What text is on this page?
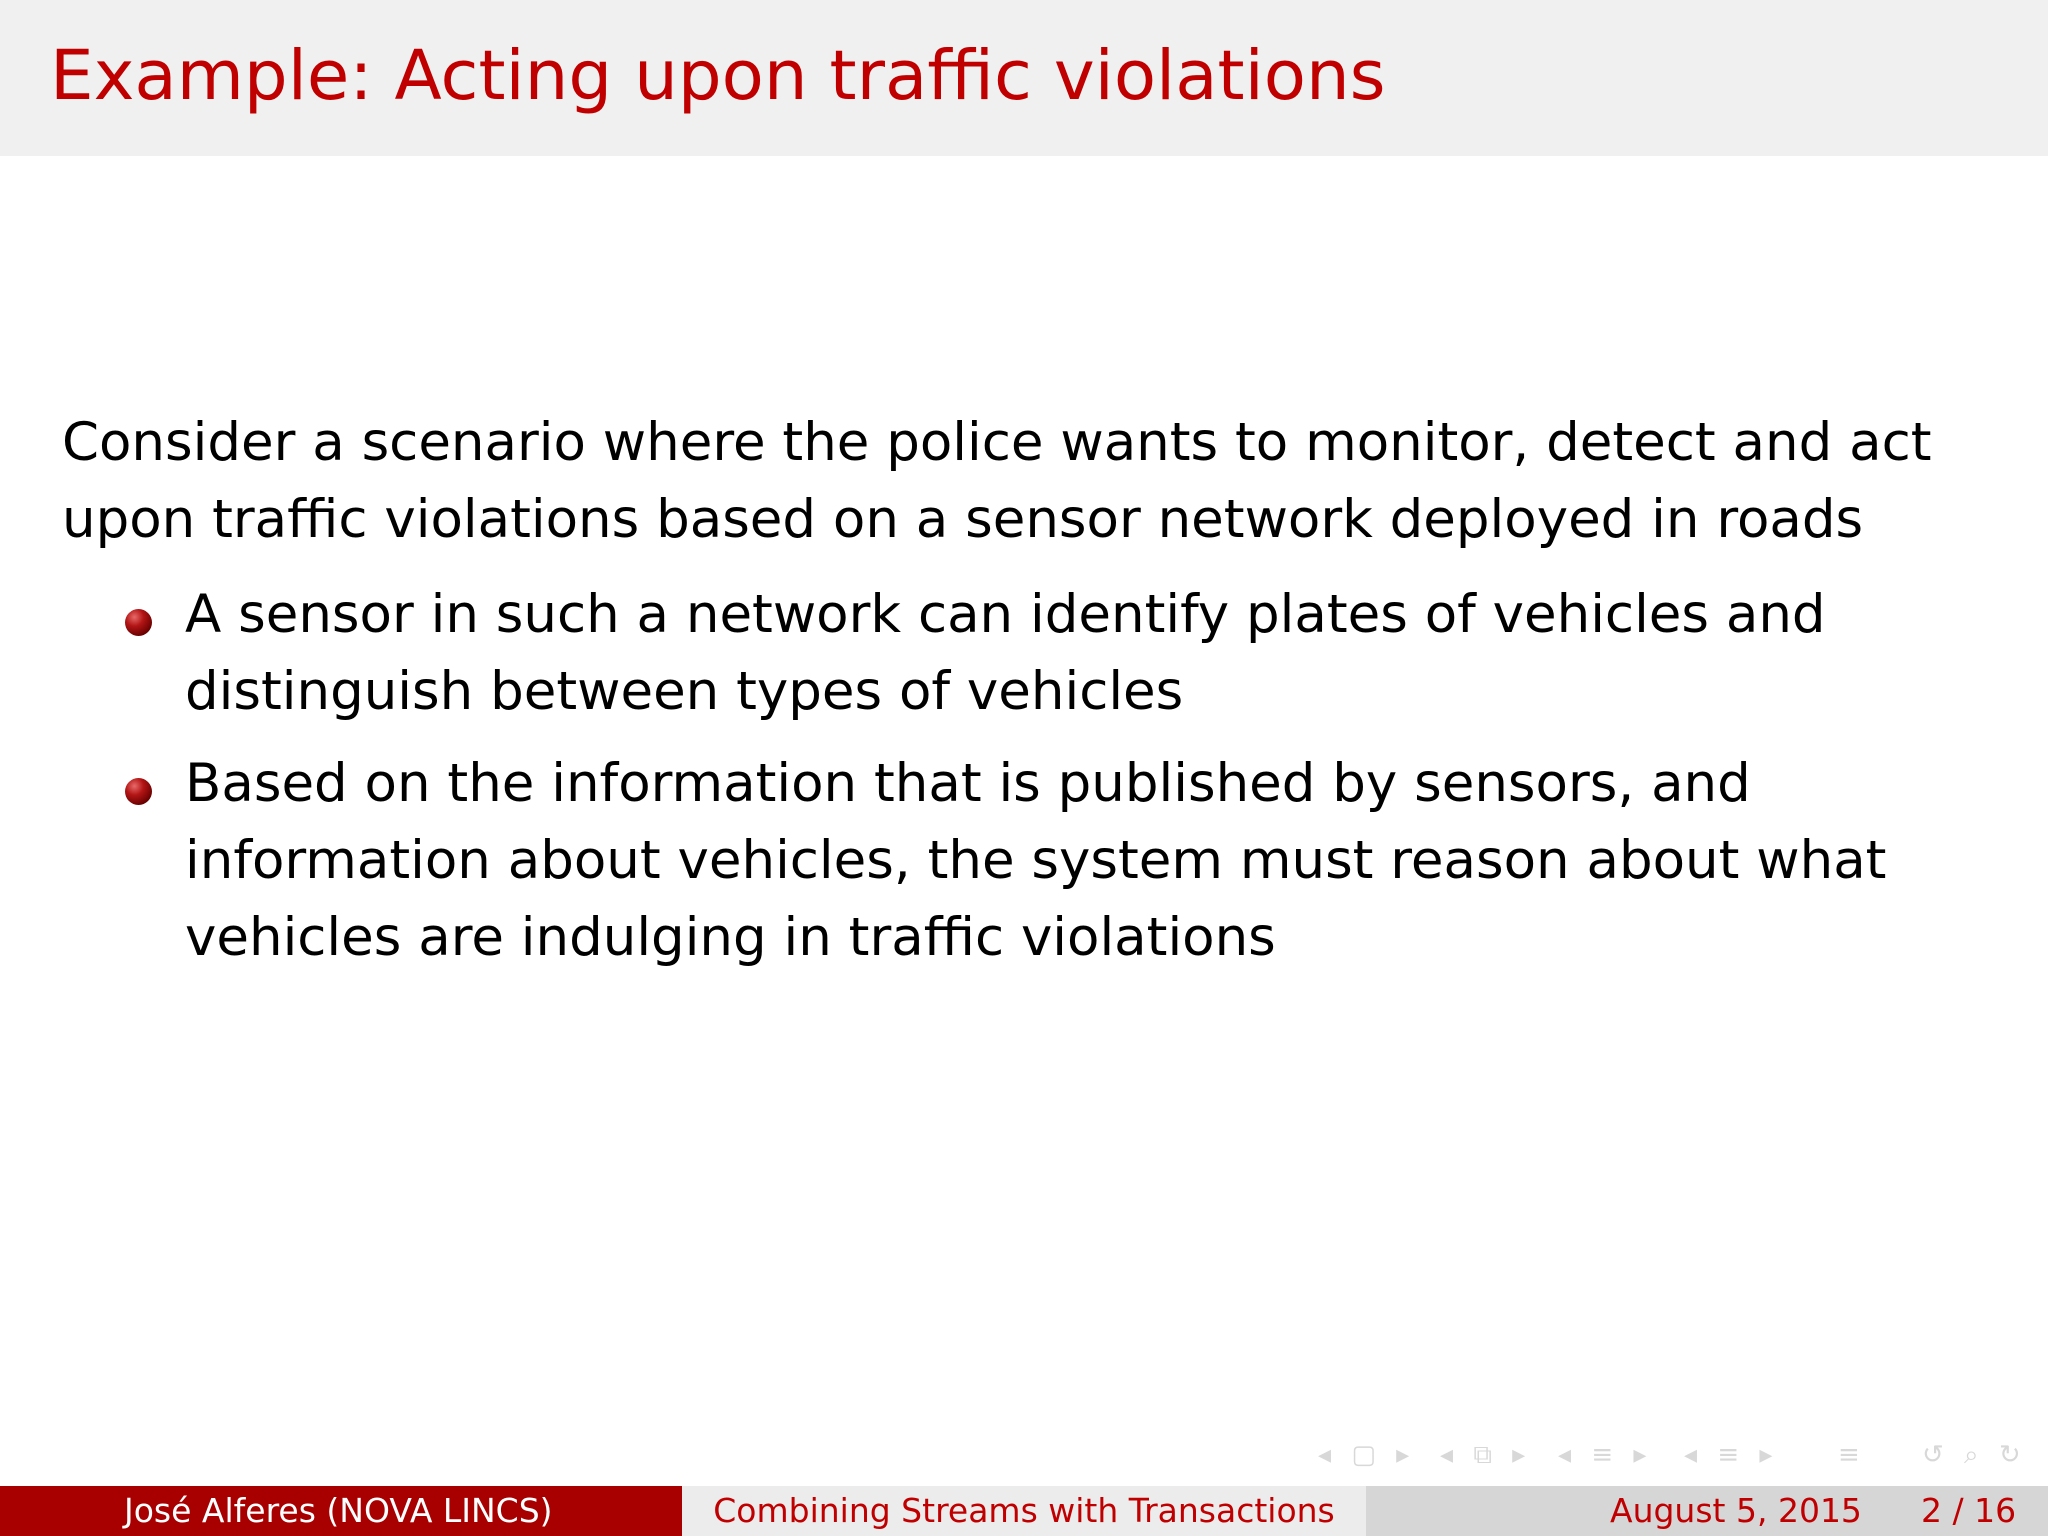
Example: Acting upon traffic violations

Consider a scenario where the police wants to monitor, detect and act upon traffic violations based on a sensor network deployed in roads

A sensor in such a network can identify plates of vehicles and distinguish between types of vehicles
Based on the information that is published by sensors, and information about vehicles, the system must reason about what vehicles are indulging in traffic violations
◂ ▢ ▸ ◂ ⧉ ▸ ◂ ≡ ▸ ◂ ≡ ▸ ≡ ↺ ⌕ ↻
José Alferes (NOVA LINCS)	Combining Streams with Transactions	August 5, 2015 2 / 16
